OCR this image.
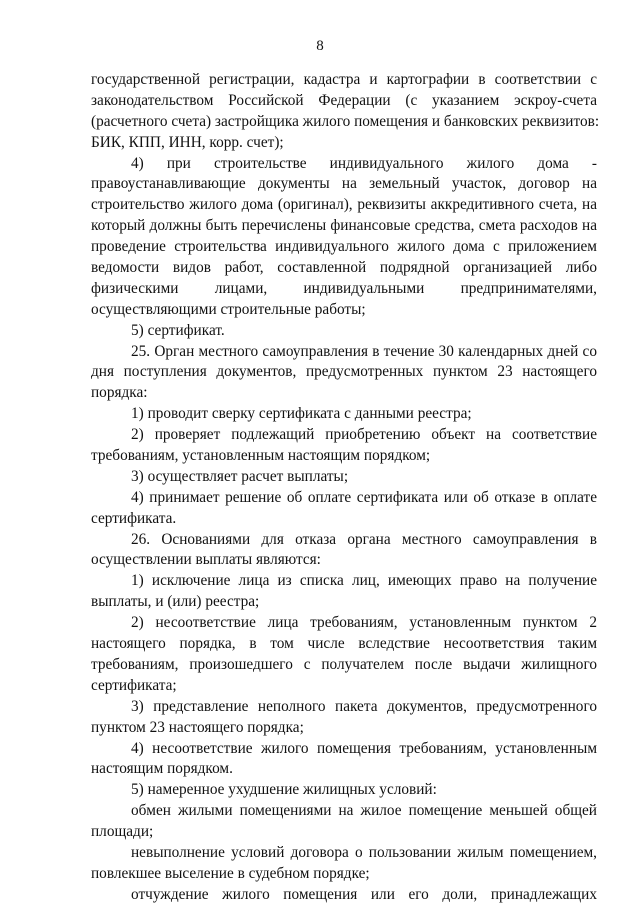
8
государственной регистрации, кадастра и картографии в соответствии с
законодательством Российской Федерации (с указанием эскроу-счета
(расчетного счета) застройщика жилого помещения и банковских реквизитов:
БИК, КПП, ИНН, корр. счет);
4) при строительстве индивидуального жилого дома -
правоустанавливающие документы на земельный участок, договор на
строительство жилого дома (оригинал), реквизиты аккредитивного счета, на
который должны быть перечислены финансовые средства, смета расходов на
проведение строительства индивидуального жилого дома с приложением
ведомости видов работ, составленной подрядной организацией либо
физическими лицами, индивидуальными предпринимателями,
осуществляющими строительные работы;
5) сертификат.
25. Орган местного самоуправления в течение 30 календарных дней со
дня поступления документов, предусмотренных пунктом 23 настоящего
порядка:
1) проводит сверку сертификата с данными реестра;
2) проверяет подлежащий приобретению объект на соответствие
требованиям, установленным настоящим порядком;
3) осуществляет расчет выплаты;
4) принимает решение об оплате сертификата или об отказе в оплате
сертификата.
26. Основаниями для отказа органа местного самоуправления в
осуществлении выплаты являются:
1) исключение лица из списка лиц, имеющих право на получение
выплаты, и (или) реестра;
2) несоответствие лица требованиям, установленным пунктом 2
настоящего порядка, в том числе вследствие несоответствия таким
требованиям, произошедшего с получателем после выдачи жилищного
сертификата;
3) представление неполного пакета документов, предусмотренного
пунктом 23 настоящего порядка;
4) несоответствие жилого помещения требованиям, установленным
настоящим порядком.
5) намеренное ухудшение жилищных условий:
обмен жилыми помещениями на жилое помещение меньшей общей
площади;
невыполнение условий договора о пользовании жилым помещением,
повлекшее выселение в судебном порядке;
отчуждение жилого помещения или его доли, принадлежащих
